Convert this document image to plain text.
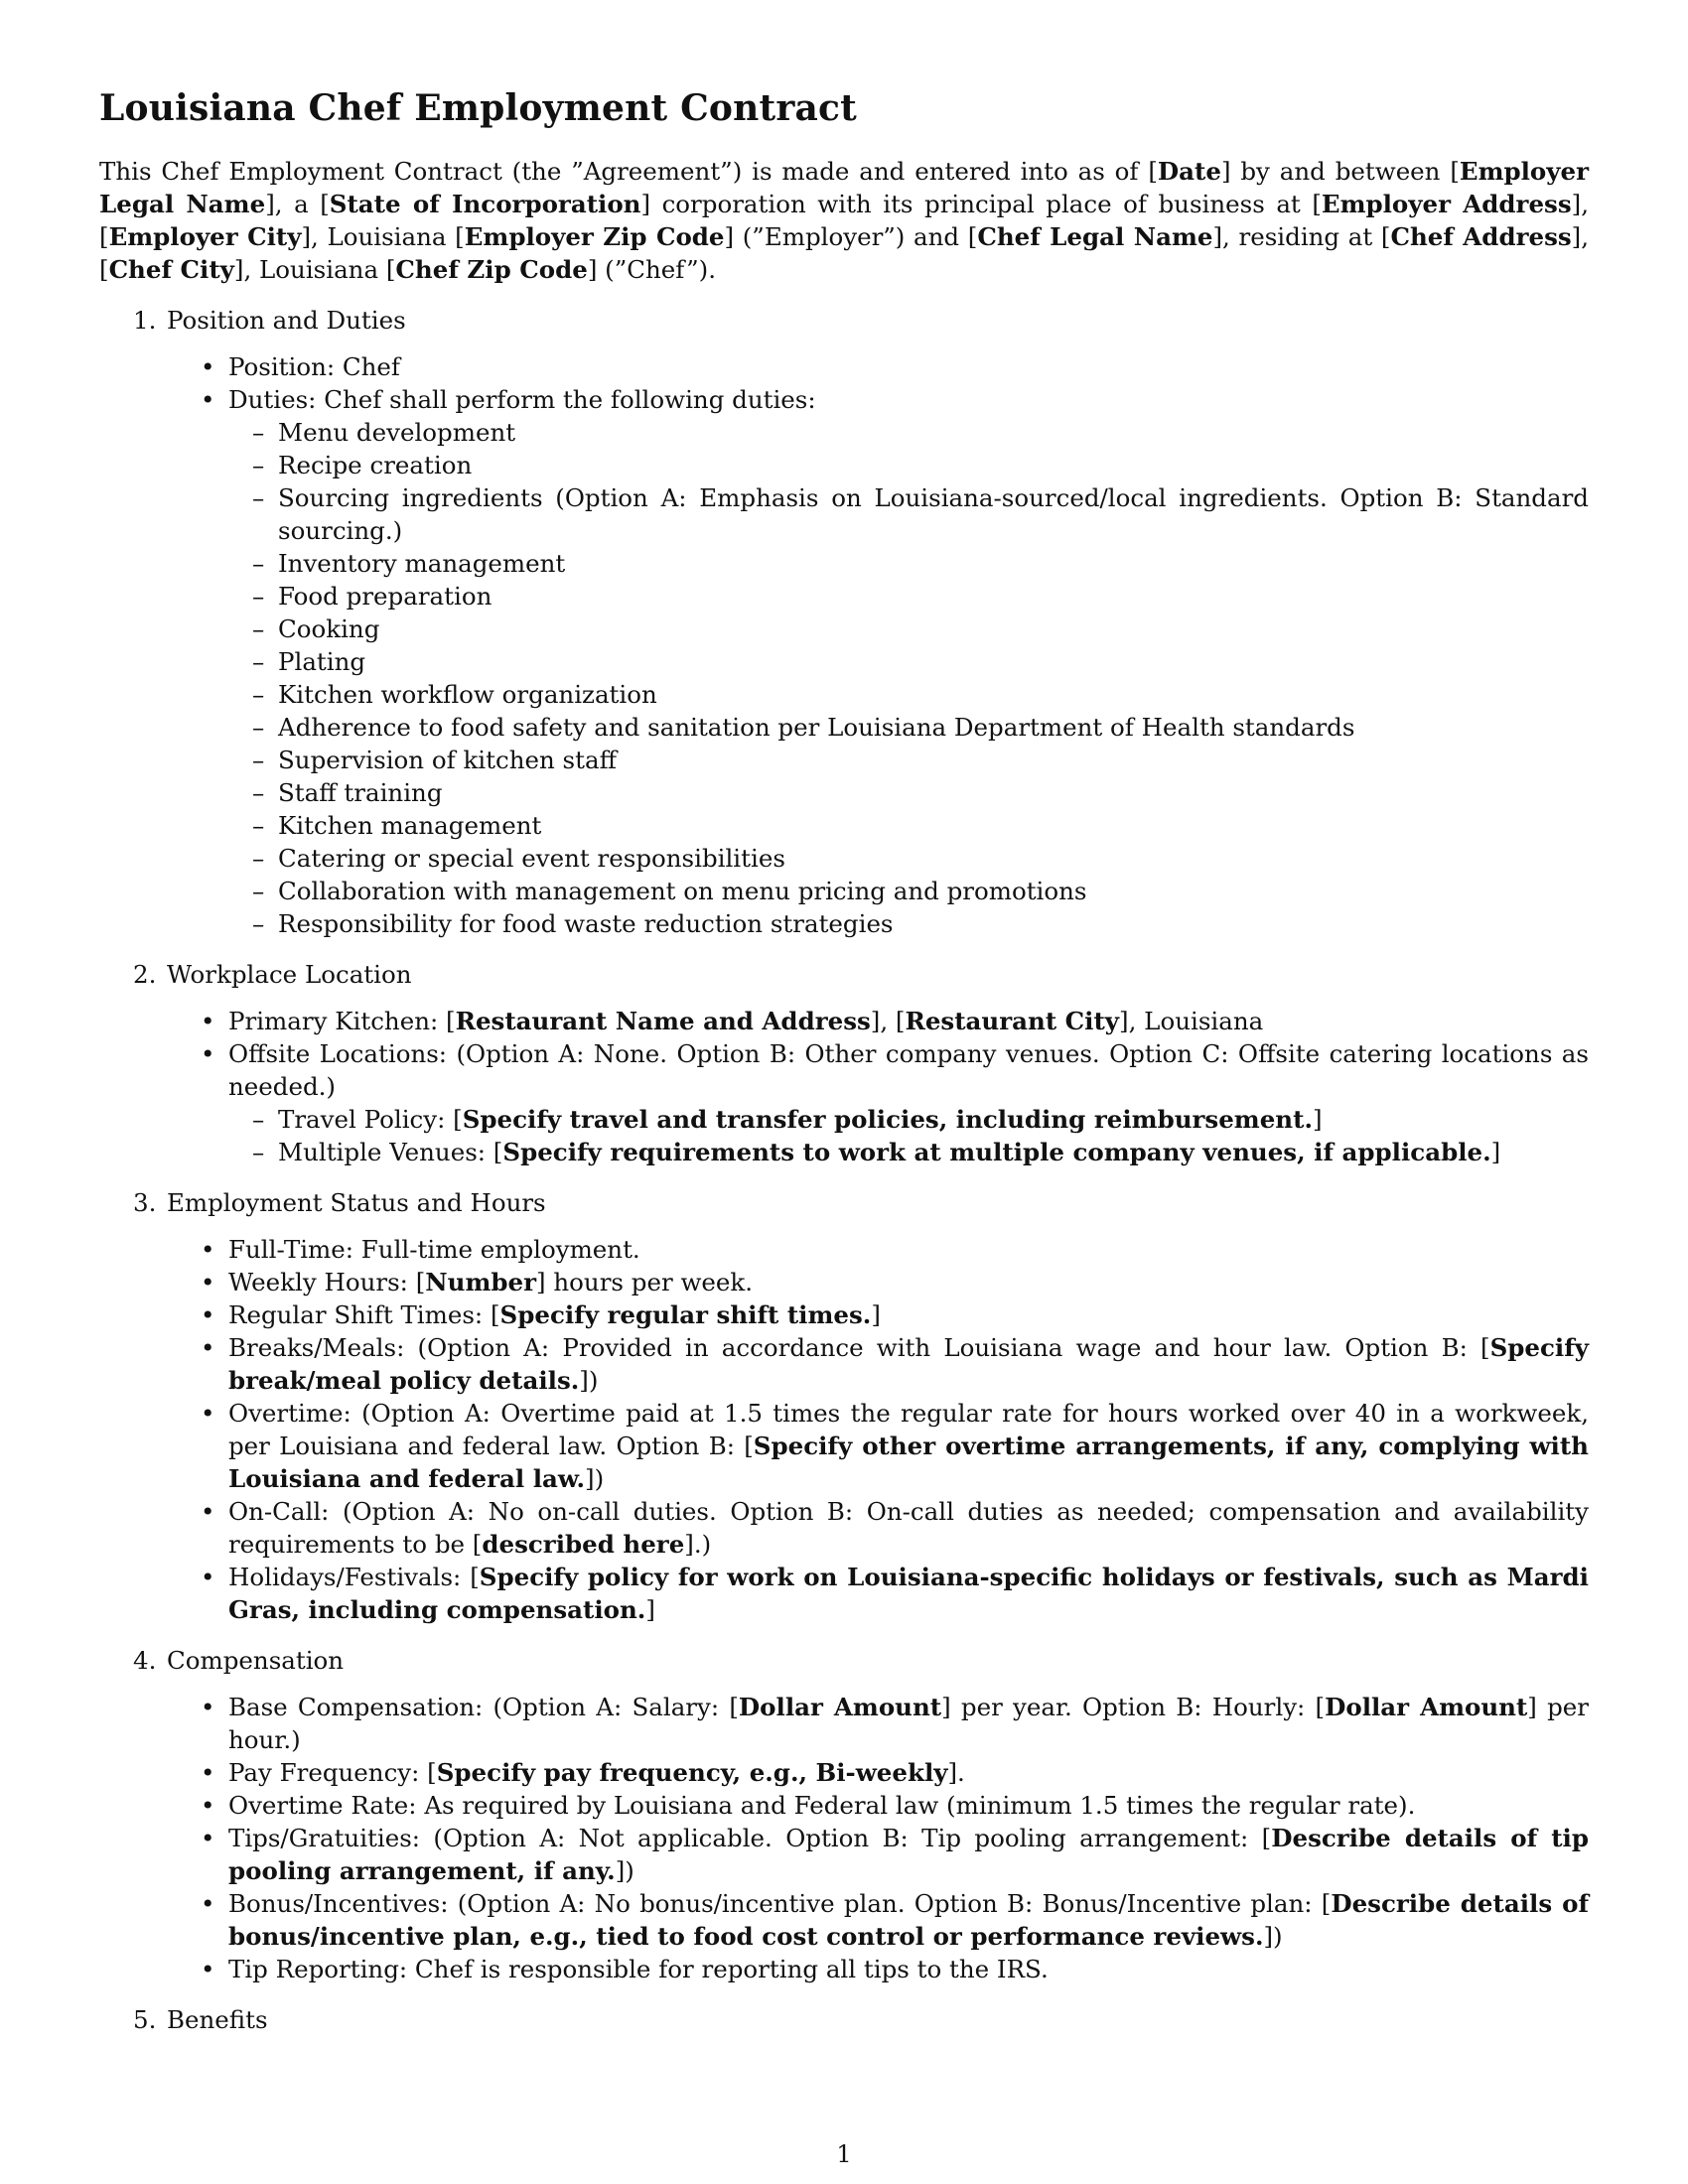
Louisiana Chef Employment Contract

This Chef Employment Contract (the ”Agreement”) is made and entered into as of [Date] by and between [Employer Legal Name], a [State of Incorporation] corporation with its principal place of business at [Employer Address], [Employer City], Louisiana [Employer Zip Code] (”Employer”) and [Chef Legal Name], residing at [Chef Address], [Chef City], Louisiana [Chef Zip Code] (”Chef”).

1. Position and Duties
• Position: Chef
• Duties: Chef shall perform the following duties:
– Menu development
– Recipe creation
– Sourcing ingredients (Option A: Emphasis on Louisiana-sourced/local ingredients. Option B: Standard sourcing.)
– Inventory management
– Food preparation
– Cooking
– Plating
– Kitchen workflow organization
– Adherence to food safety and sanitation per Louisiana Department of Health standards
– Supervision of kitchen staff
– Staff training
– Kitchen management
– Catering or special event responsibilities
– Collaboration with management on menu pricing and promotions
– Responsibility for food waste reduction strategies
2. Workplace Location
• Primary Kitchen: [Restaurant Name and Address], [Restaurant City], Louisiana
• Offsite Locations: (Option A: None. Option B: Other company venues. Option C: Offsite catering locations as needed.)
– Travel Policy: [Specify travel and transfer policies, including reimbursement.]
– Multiple Venues: [Specify requirements to work at multiple company venues, if applicable.]
3. Employment Status and Hours
• Full-Time: Full-time employment.
• Weekly Hours: [Number] hours per week.
• Regular Shift Times: [Specify regular shift times.]
• Breaks/Meals: (Option A: Provided in accordance with Louisiana wage and hour law. Option B: [Specify break/meal policy details.])
• Overtime: (Option A: Overtime paid at 1.5 times the regular rate for hours worked over 40 in a workweek, per Louisiana and federal law. Option B: [Specify other overtime arrangements, if any, complying with Louisiana and federal law.])
• On-Call: (Option A: No on-call duties. Option B: On-call duties as needed; compensation and availability requirements to be [described here].)
• Holidays/Festivals: [Specify policy for work on Louisiana-specific holidays or festivals, such as Mardi Gras, including compensation.]
4. Compensation
• Base Compensation: (Option A: Salary: [Dollar Amount] per year. Option B: Hourly: [Dollar Amount] per hour.)
• Pay Frequency: [Specify pay frequency, e.g., Bi-weekly].
• Overtime Rate: As required by Louisiana and Federal law (minimum 1.5 times the regular rate).
• Tips/Gratuities: (Option A: Not applicable. Option B: Tip pooling arrangement: [Describe details of tip pooling arrangement, if any.])
• Bonus/Incentives: (Option A: No bonus/incentive plan. Option B: Bonus/Incentive plan: [Describe details of bonus/incentive plan, e.g., tied to food cost control or performance reviews.])
• Tip Reporting: Chef is responsible for reporting all tips to the IRS.
5. Benefits
1
